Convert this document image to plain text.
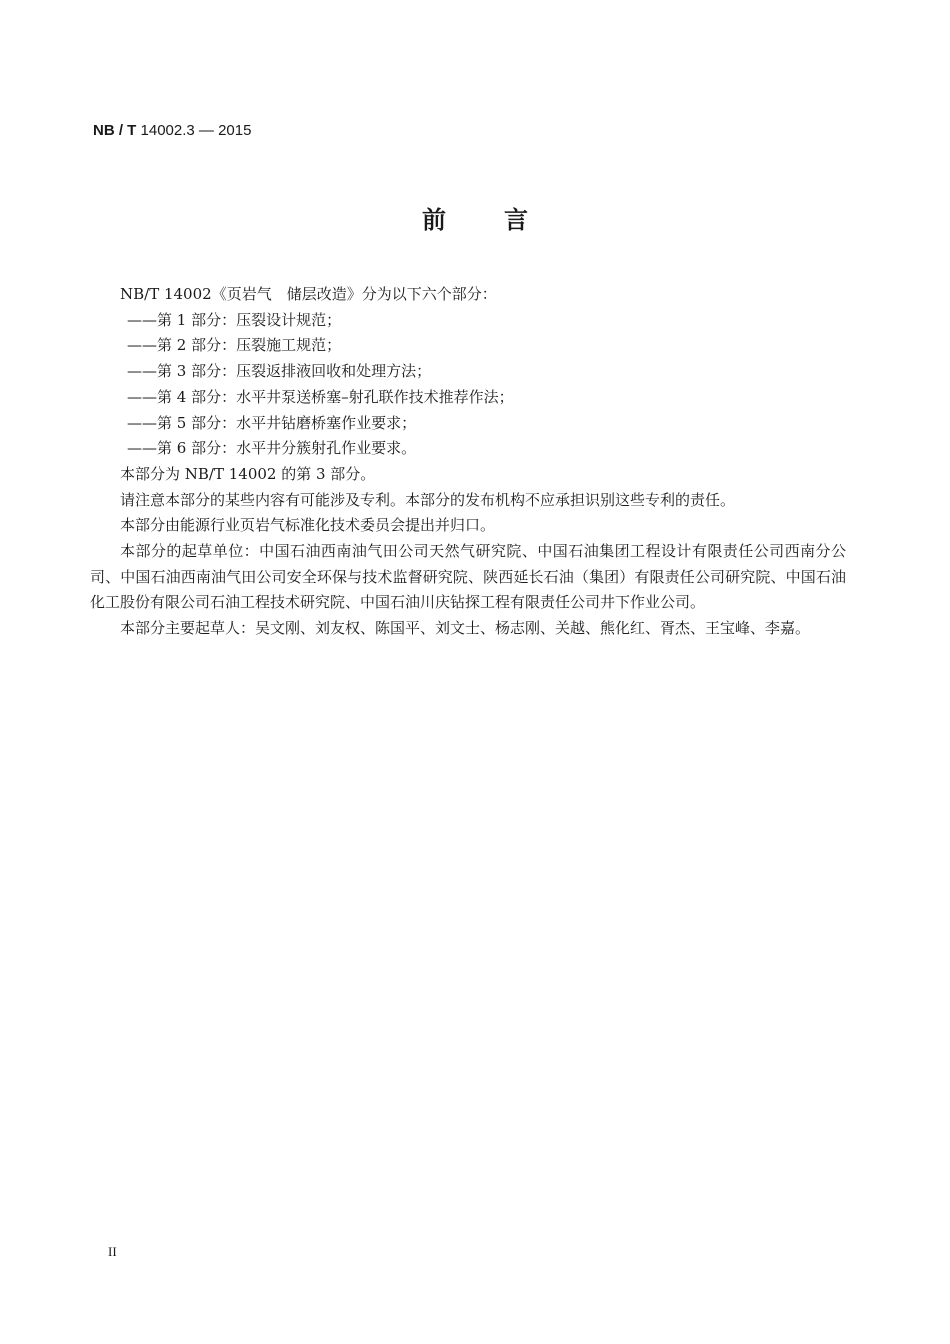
NB / T 14002.3 — 2015
前言

NB/T 14002《页岩气　储层改造》分为以下六个部分：

——第 1 部分：压裂设计规范；

——第 2 部分：压裂施工规范；

——第 3 部分：压裂返排液回收和处理方法；

——第 4 部分：水平井泵送桥塞–射孔联作技术推荐作法；

——第 5 部分：水平井钻磨桥塞作业要求；

——第 6 部分：水平井分簇射孔作业要求。

本部分为 NB/T 14002 的第 3 部分。

请注意本部分的某些内容有可能涉及专利。本部分的发布机构不应承担识别这些专利的责任。

本部分由能源行业页岩气标准化技术委员会提出并归口。

本部分的起草单位：中国石油西南油气田公司天然气研究院、中国石油集团工程设计有限责任公司西南分公司、中国石油西南油气田公司安全环保与技术监督研究院、陕西延长石油（集团）有限责任公司研究院、中国石油化工股份有限公司石油工程技术研究院、中国石油川庆钻探工程有限责任公司井下作业公司。

本部分主要起草人：吴文刚、刘友权、陈国平、刘文士、杨志刚、关越、熊化红、胥杰、王宝峰、李嘉。

II
